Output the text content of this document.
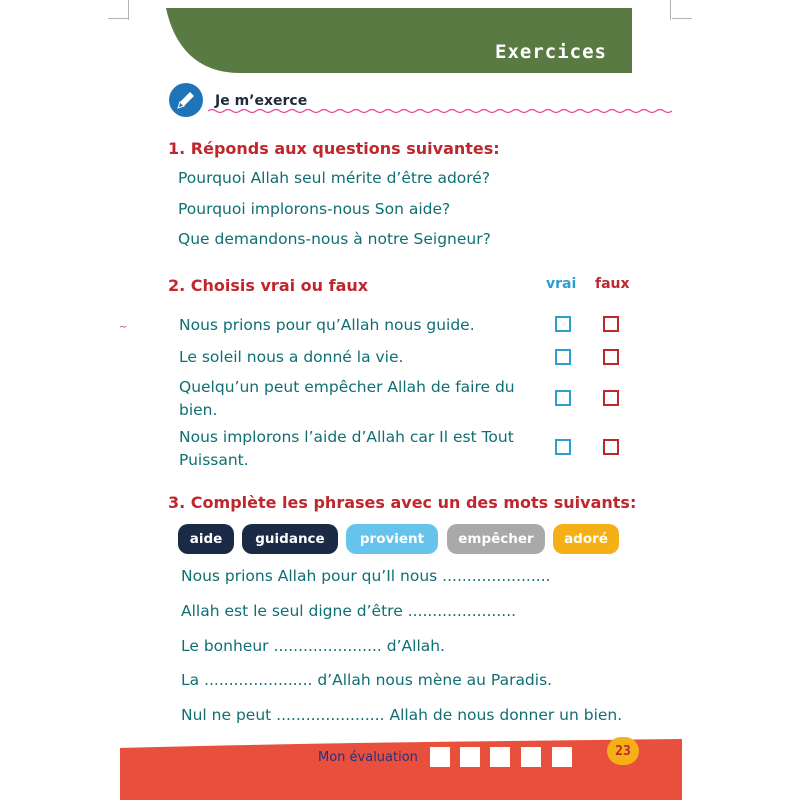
Exercices
Je m’exerce
1. Réponds aux questions suivantes:
Pourquoi Allah seul mérite d’être adoré?
Pourquoi implorons-nous Son aide?
Que demandons-nous à notre Seigneur?
2. Choisis vrai ou faux	vrai faux
~	Nous prions pour qu’Allah nous guide.
Le soleil nous a donné la vie.
Quelqu’un peut empêcher Allah de faire du
bien.
Nous implorons l’aide d’Allah car Il est Tout
Puissant.
3. Complète les phrases avec un des mots suivants:
aide	guidance	provient	empêcher	adoré
Nous prions Allah pour qu’Il nous ......................
Allah est le seul digne d’être ......................
Le bonheur ...................... d’Allah.
La ...................... d’Allah nous mène au Paradis.
Nul ne peut ...................... Allah de nous donner un bien.
Mon évaluation	23
